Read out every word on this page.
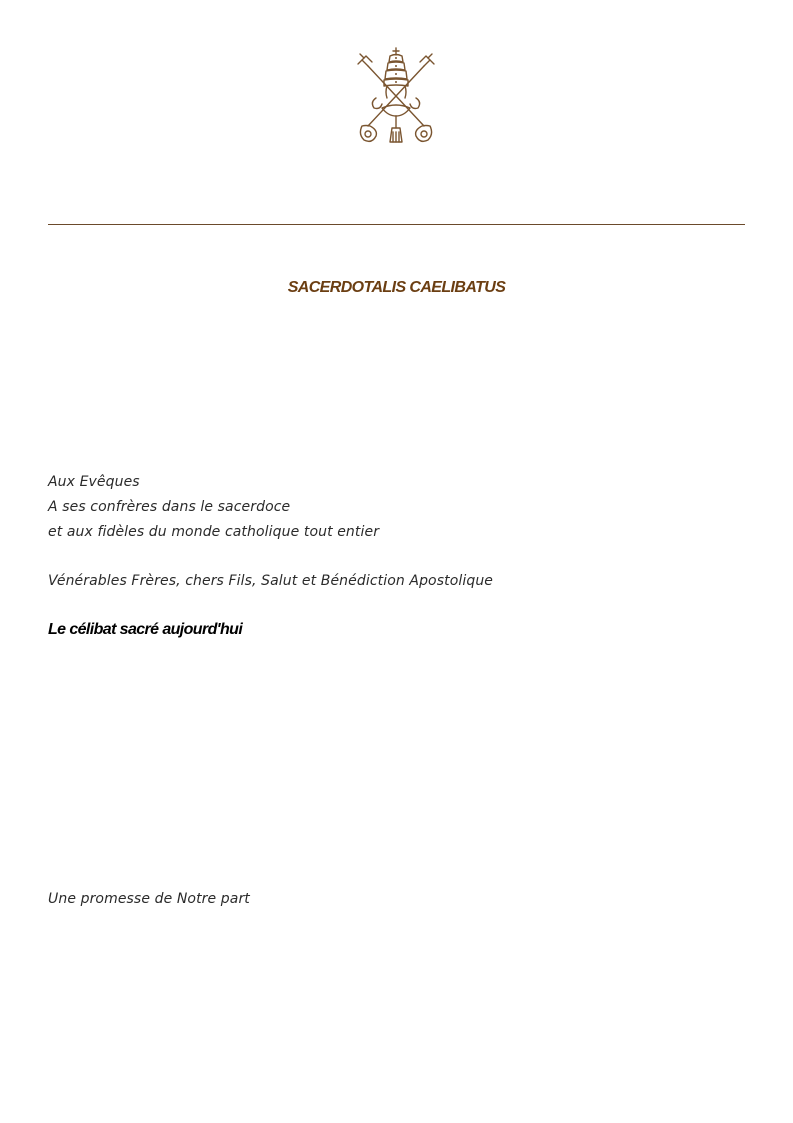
SACERDOTALIS CAELIBATUS
Aux Evêques
A ses confrères dans le sacerdoce
et aux fidèles du monde catholique tout entier
Vénérables Frères, chers Fils, Salut et Bénédiction Apostolique
Le célibat sacré aujourd'hui
Une promesse de Notre part
